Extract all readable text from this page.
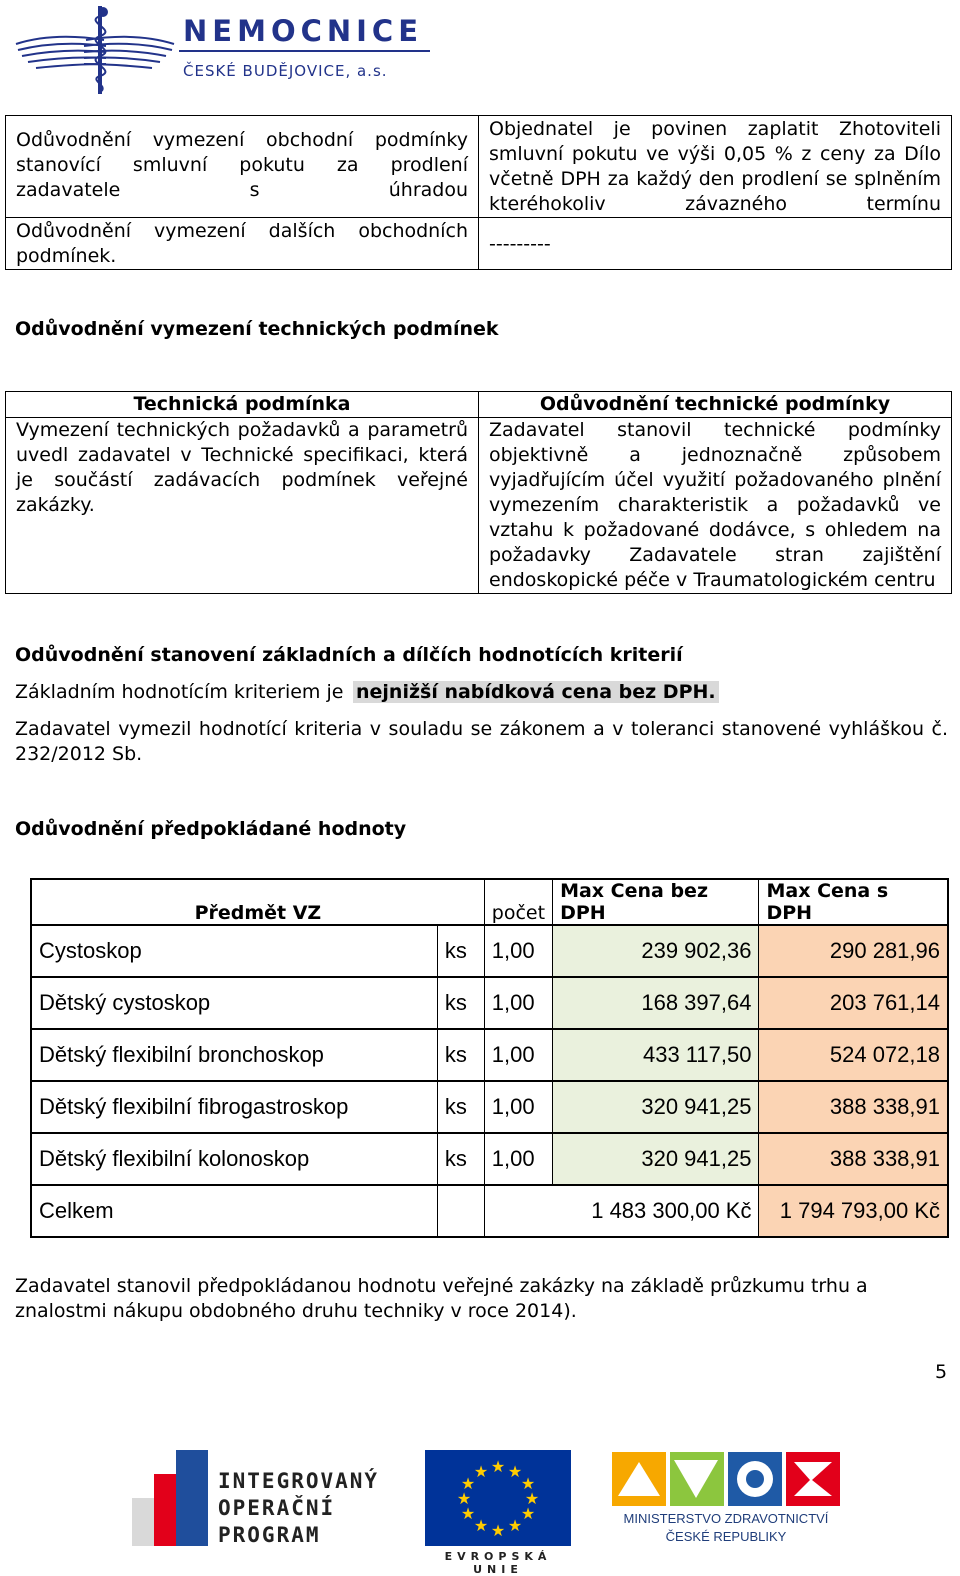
NEMOCNICE
ČESKÉ BUDĚJOVICE, a.s.
Odůvodnění vymezení obchodní podmínky stanovící smluvní pokutu za prodlení zadavatele s úhradou	Objednatel je povinen zaplatit Zhotoviteli smluvní pokutu ve výši 0,05 % z ceny za Dílo včetně DPH za každý den prodlení se splněním kteréhokoliv závazného termínu
Odůvodnění vymezení dalších obchodních podmínek.	---------
Odůvodnění vymezení technických podmínek
Technická podmínka	Odůvodnění technické podmínky
Vymezení technických požadavků a parametrů uvedl zadavatel v Technické specifikaci, která je součástí zadávacích podmínek veřejné zakázky.	Zadavatel stanovil technické podmínky objektivně a jednoznačně způsobem vyjadřujícím účel využití požadovaného plnění vymezením charakteristik a požadavků ve vztahu k požadované dodávce, s ohledem na požadavky Zadavatele stran zajištění endoskopické péče v Traumatologickém centru
Odůvodnění stanovení základních a dílčích hodnotících kriterií
Základním hodnotícím kriteriem je nejnižší nabídková cena bez DPH.
Zadavatel vymezil hodnotící kriteria v souladu se zákonem a v toleranci stanovené vyhláškou č. 232/2012 Sb.
Odůvodnění předpokládané hodnoty
Předmět VZ		počet	Max Cena bez DPH	Max Cena s DPH
Cystoskop	ks	1,00	239 902,36	290 281,96
Dětský cystoskop	ks	1,00	168 397,64	203 761,14
Dětský flexibilní bronchoskop	ks	1,00	433 117,50	524 072,18
Dětský flexibilní fibrogastroskop	ks	1,00	320 941,25	388 338,91
Dětský flexibilní kolonoskop	ks	1,00	320 941,25	388 338,91
Celkem		1 483 300,00 Kč		1 794 793,00 Kč
Zadavatel stanovil předpokládanou hodnotu veřejné zakázky na základě průzkumu trhu a znalostmi nákupu obdobného druhu techniky v roce 2014).
5
INTEGROVANÝ
OPERAČNÍ
PROGRAM
★ ★
★
★
★
★
★
★
★
★
★
★
EVROPSKÁ UNIE
MINISTERSTVO ZDRAVOTNICTVÍ
ČESKÉ REPUBLIKY
